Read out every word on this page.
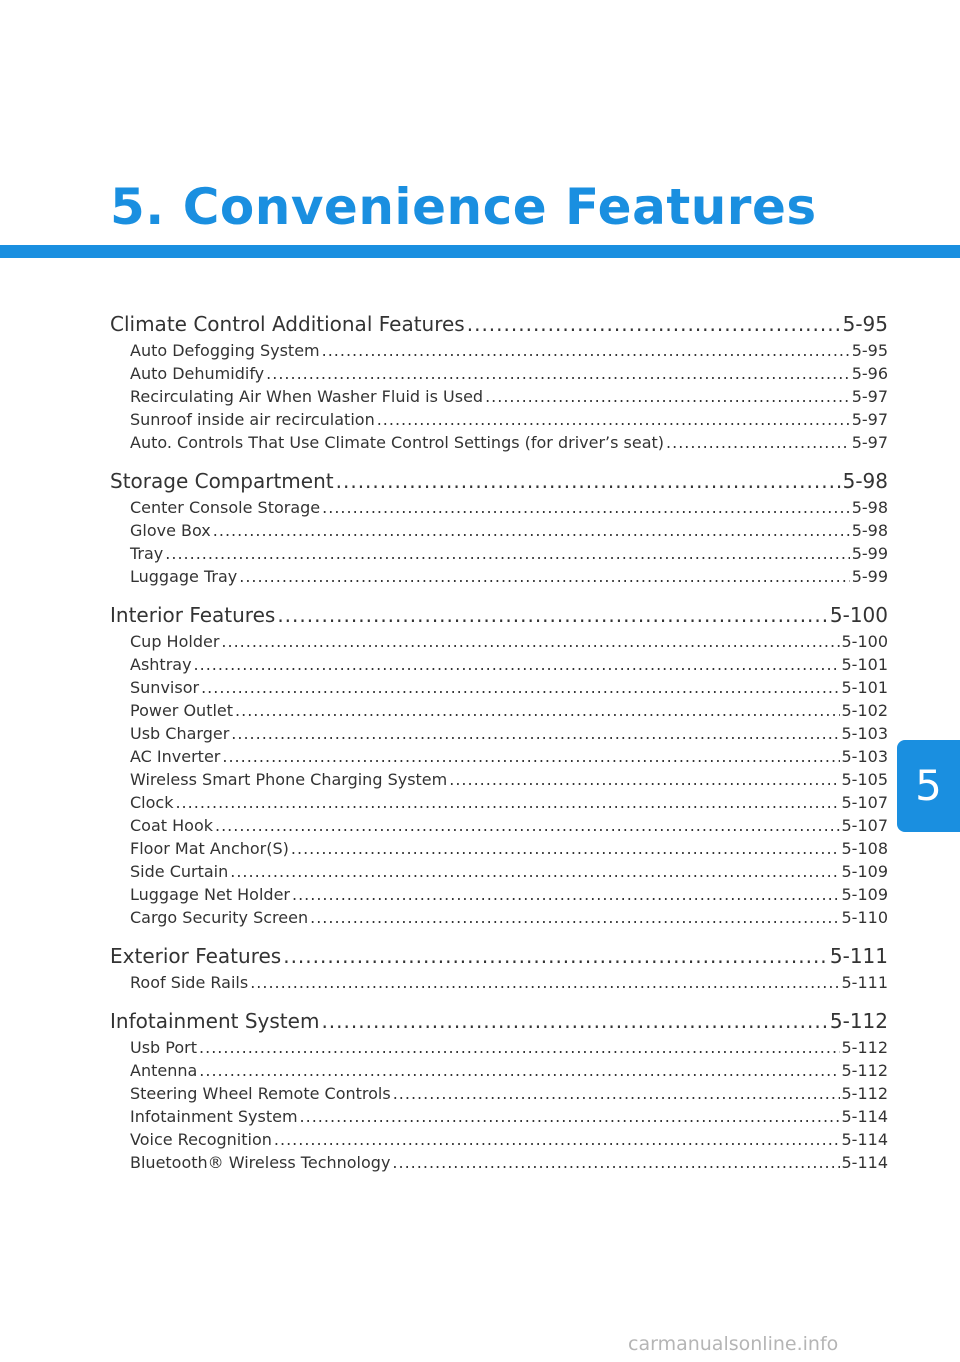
5. Convenience Features
Climate Control Additional Features .....	5-95
Auto Defogging System .....	5-95
Auto Dehumidify .....	5-96
Recirculating Air When Washer Fluid is Used .....	5-97
Sunroof inside air recirculation .....	5-97
Auto. Controls That Use Climate Control Settings (for driver’s seat) .....	5-97
Storage Compartment .....	5-98
Center Console Storage .....	5-98
Glove Box .....	5-98
Tray .....	5-99
Luggage Tray .....	5-99
Interior Features .....	5-100
Cup Holder .....	5-100
Ashtray .....	5-101
Sunvisor .....	5-101
Power Outlet .....	5-102
Usb Charger .....	5-103
AC Inverter .....	5-103
Wireless Smart Phone Charging System .....	5-105
Clock .....	5-107
Coat Hook .....	5-107
Floor Mat Anchor(S) .....	5-108
Side Curtain .....	5-109
Luggage Net Holder .....	5-109
Cargo Security Screen .....	5-110
Exterior Features .....	5-111
Roof Side Rails .....	5-111
Infotainment System .....	5-112
Usb Port .....	5-112
Antenna .....	5-112
Steering Wheel Remote Controls .....	5-112
Infotainment System .....	5-114
Voice Recognition .....	5-114
Bluetooth® Wireless Technology .....	5-114
5
carmanualsonline.info
